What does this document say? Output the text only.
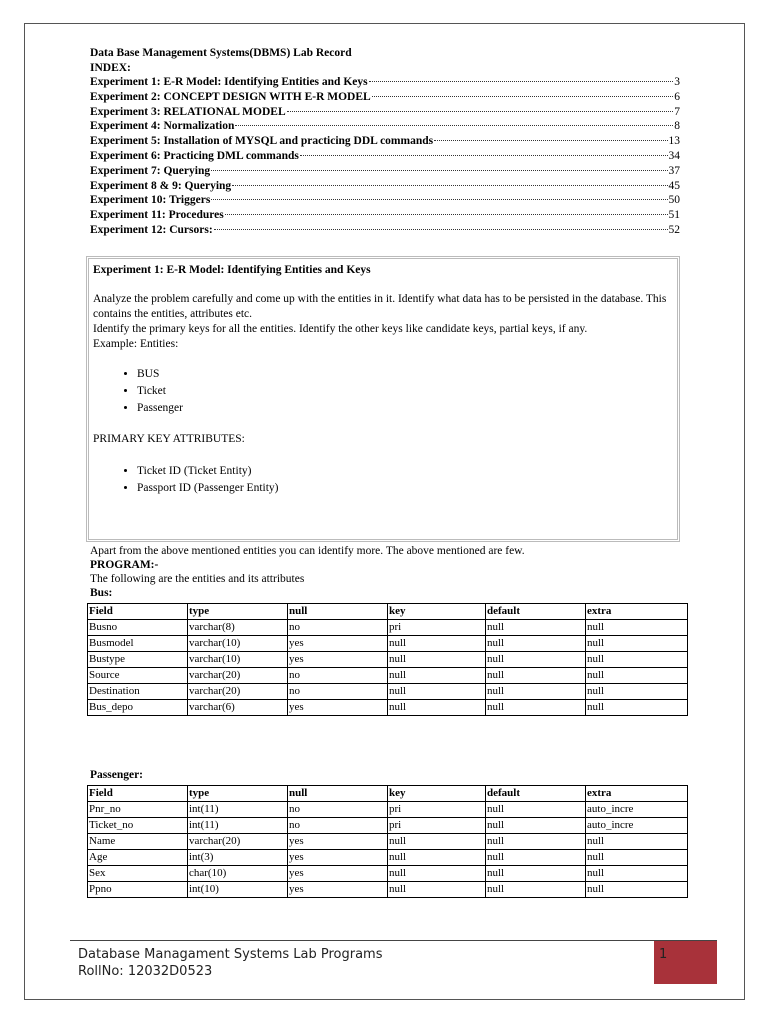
Data Base Management Systems(DBMS) Lab Record
INDEX:
Experiment 1: E-R Model: Identifying Entities and Keys	3
Experiment 2: CONCEPT DESIGN WITH E-R MODEL	6
Experiment 3: RELATIONAL MODEL	7
Experiment 4: Normalization	8
Experiment 5: Installation of MYSQL and practicing DDL commands	13
Experiment 6: Practicing DML commands	34
Experiment 7: Querying	37
Experiment 8 & 9: Querying	45
Experiment 10: Triggers	50
Experiment 11: Procedures	51
Experiment 12: Cursors:	52

Experiment 1: E-R Model: Identifying Entities and Keys

Analyze the problem carefully and come up with the entities in it. Identify what data has to be persisted in the database. This contains the entities, attributes etc.

Identify the primary keys for all the entities. Identify the other keys like candidate keys, partial keys, if any.

Example: Entities:

• BUS
• Ticket
• Passenger

PRIMARY KEY ATTRIBUTES:

• Ticket ID (Ticket Entity)
• Passport ID (Passenger Entity)
Apart from the above mentioned entities you can identify more. The above mentioned are few.
PROGRAM:-
The following are the entities and its attributes
Bus:
Field	type	null	key	default	extra
Busno	varchar(8)	no	pri	null	null
Busmodel	varchar(10)	yes	null	null	null
Bustype	varchar(10)	yes	null	null	null
Source	varchar(20)	no	null	null	null
Destination	varchar(20)	no	null	null	null
Bus_depo	varchar(6)	yes	null	null	null
Passenger:
Field	type	null	key	default	extra
Pnr_no	int(11)	no	pri	null	auto_incre
Ticket_no	int(11)	no	pri	null	auto_incre
Name	varchar(20)	yes	null	null	null
Age	int(3)	yes	null	null	null
Sex	char(10)	yes	null	null	null
Ppno	int(10)	yes	null	null	null
Database Managament Systems Lab Programs
RollNo: 12032D0523
1
